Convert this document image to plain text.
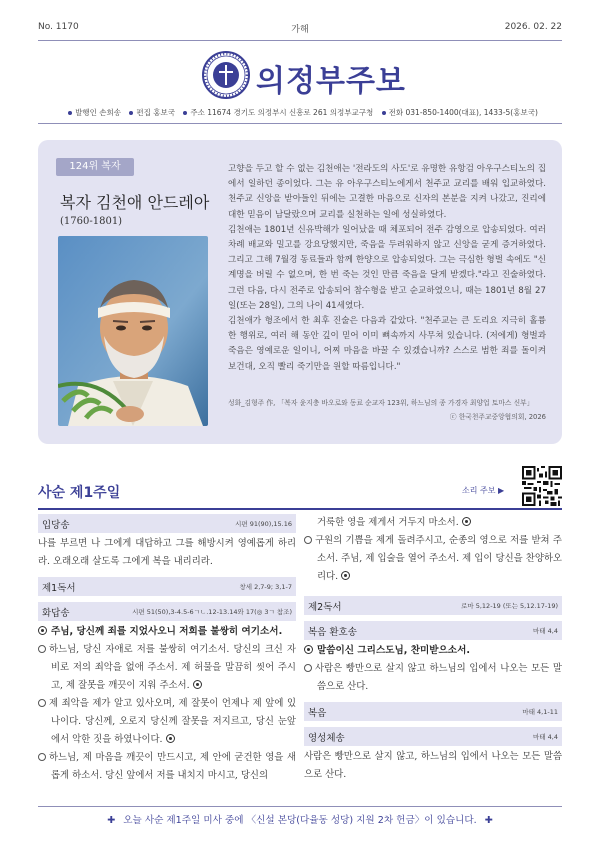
No. 1170	가해	2026. 02. 22
의정부주보
발행인 손희송 편집 홍보국 주소 11674 경기도 의정부시 신흥로 261 의정부교구청 전화 031-850-1400(대표), 1433-5(홍보국)
124위 복자
복자 김천애 안드레아
(1760-1801)

고향을 두고 할 수 없는 김천애는 '전라도의 사도'로 유명한 유항검 아우구스티노의 집에서 일하던 종이었다. 그는 유 아우구스티노에게서 천주교 교리를 배워 입교하였다. 천주교 신앙을 받아들인 뒤에는 고결한 마음으로 신자의 본분을 지켜 나갔고, 진리에 대한 믿음이 남달랐으며 교리를 실천하는 일에 성실하였다.

김천애는 1801년 신유박해가 일어났을 때 체포되어 전주 감영으로 압송되었다. 여러 차례 배교와 밀고를 강요당했지만, 죽음을 두려워하지 않고 신앙을 굳게 증거하였다. 그리고 그해 7월경 동료들과 함께 한양으로 압송되었다. 그는 극심한 형벌 속에도 "신계명을 버릴 수 없으며, 한 번 죽는 것인 만큼 죽음을 달게 받겠다."라고 진술하였다. 그런 다음, 다시 전주로 압송되어 참수형을 받고 순교하였으니, 때는 1801년 8월 27일(또는 28일), 그의 나이 41세였다.

김천애가 형조에서 한 최후 진술은 다음과 같았다. "천주교는 큰 도리요 지극히 홀륭한 행위로, 여러 해 동안 깊이 믿어 이미 뼈속까지 사무쳐 있습니다. (저에게) 형벌과 죽음은 영예로운 일이니, 어찌 마음을 바꿀 수 있겠습니까? 스스로 범한 죄를 돌이켜 보건대, 오직 빨리 죽기만을 원할 따름입니다."

성화_김형주 作, 「복자 윤지충 바오로와 동료 순교자 123위, 하느님의 종 가경자 최양업 토마스 신부」
ⓒ 한국천주교중앙협의회, 2026
사순 제1주일	소리 주보 ▶
입당송	시편 91(90),15.16
나를 부르면 나 그에게 대답하고 그를 해방시켜 영예롭게 하리라. 오래오래 살도록 그에게 복을 내리리라.
제1독서	창세 2,7-9; 3,1-7
화답송	시편 51(50),3-4.5-6ㄱㄴ.12-13.14와 17(◎ 3ㄱ 참조)
주님, 당신께 죄를 지었사오니 저희를 불쌍히 여기소서.
하느님, 당신 자애로 저를 불쌍히 여기소서. 당신의 크신 자비로 저의 죄악을 없애 주소서. 제 허물을 말끔히 씻어 주시고, 제 잘못을 깨끗이 지워 주소서.
제 죄악을 제가 알고 있사오며, 제 잘못이 언제나 제 앞에 있나이다. 당신께, 오로지 당신께 잘못을 저지르고, 당신 눈앞에서 악한 짓을 하였나이다.
하느님, 제 마음을 깨끗이 만드시고, 제 안에 굳건한 영을 새롭게 하소서. 당신 앞에서 저를 내치지 마시고, 당신의
거룩한 영을 제게서 거두지 마소서.
구원의 기쁨을 제게 돌려주시고, 순종의 영으로 저를 받쳐 주소서. 주님, 제 입술을 열어 주소서. 제 입이 당신을 찬양하오리다.
제2독서	로마 5,12-19 (또는 5,12.17-19)
복음 환호송	마태 4,4
말씀이신 그리스도님, 찬미받으소서.
사람은 빵만으로 살지 않고 하느님의 입에서 나오는 모든 말씀으로 산다.
복음	마태 4,1-11
영성체송	마태 4,4
사람은 빵만으로 살지 않고, 하느님의 입에서 나오는 모든 말씀으로 산다.
✚ 오늘 사순 제1주일 미사 중에 〈신설 본당(다율동 성당) 지원 2차 헌금〉이 있습니다. ✚
